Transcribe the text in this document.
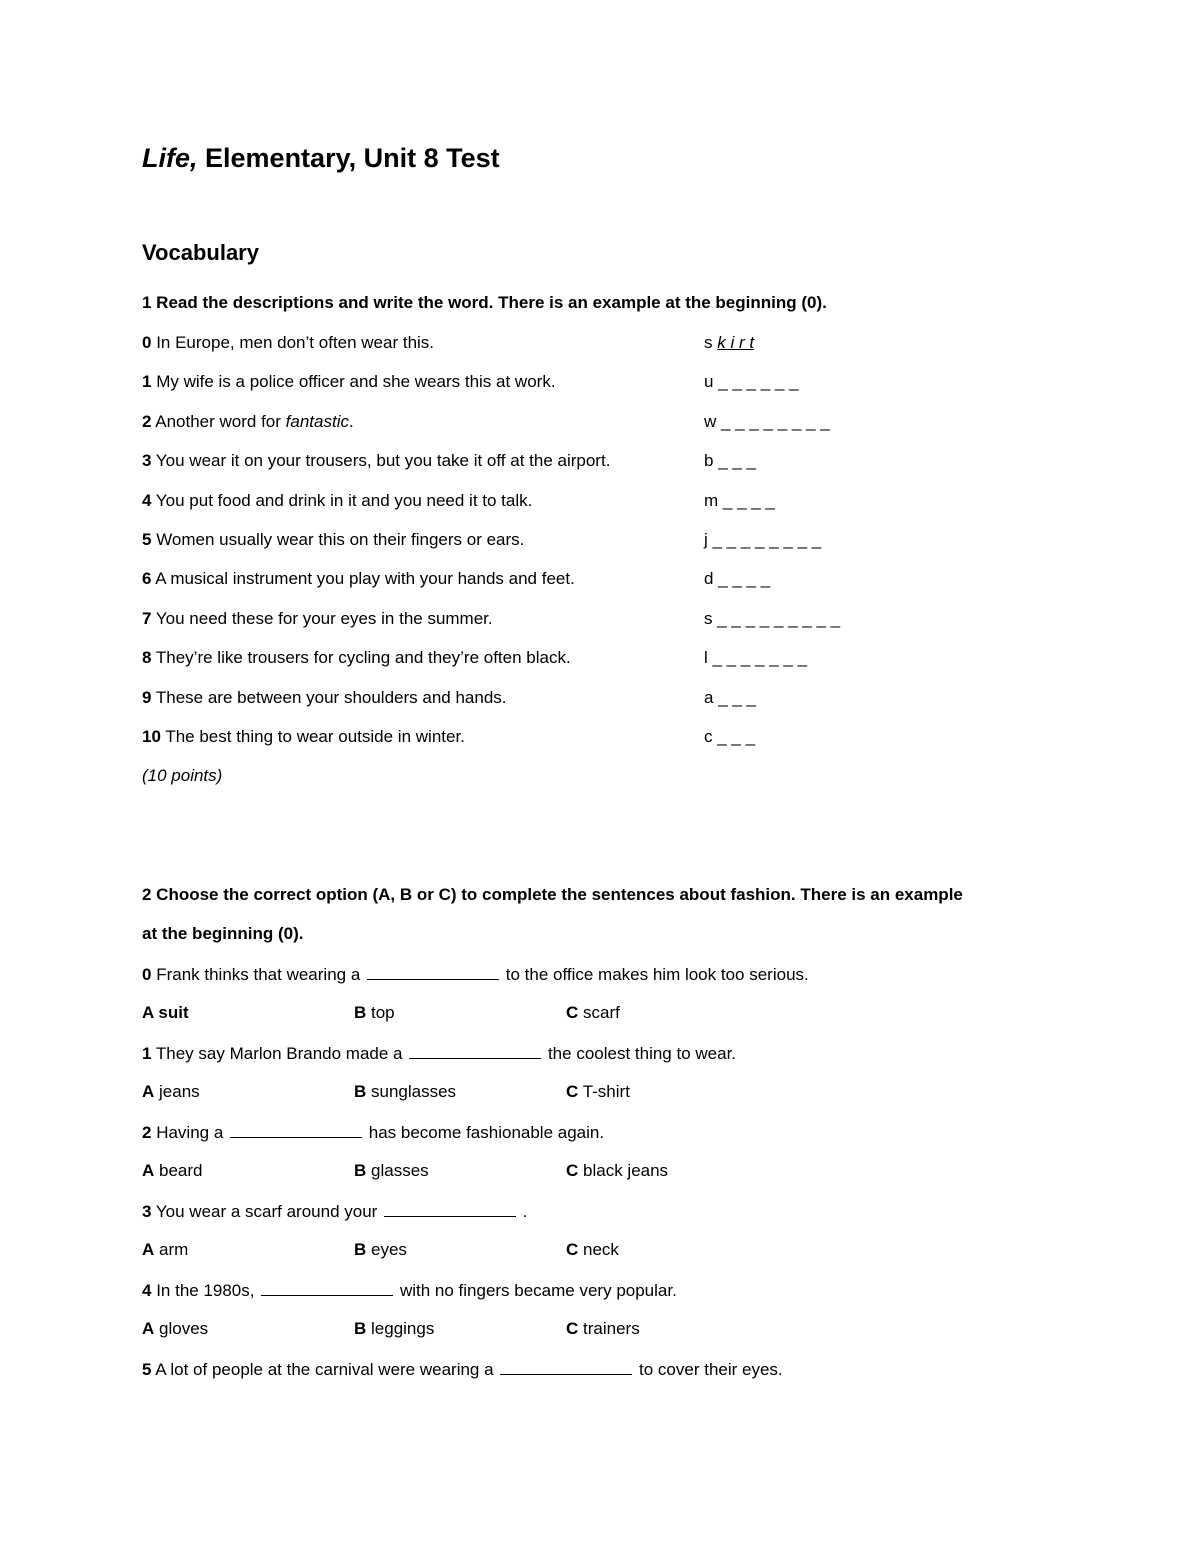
Life, Elementary, Unit 8 Test
Vocabulary
1 Read the descriptions and write the word. There is an example at the beginning (0).
0 In Europe, men don’t often wear this.	s k i r t
1 My wife is a police officer and she wears this at work.	u _ _ _ _ _ _
2 Another word for fantastic.	w _ _ _ _ _ _ _ _
3 You wear it on your trousers, but you take it off at the airport.	b _ _ _
4 You put food and drink in it and you need it to talk.	m _ _ _ _
5 Women usually wear this on their fingers or ears.	j _ _ _ _ _ _ _ _
6 A musical instrument you play with your hands and feet.	d _ _ _ _
7 You need these for your eyes in the summer.	s _ _ _ _ _ _ _ _ _
8 They’re like trousers for cycling and they’re often black.	l _ _ _ _ _ _ _
9 These are between your shoulders and hands.	a _ _ _
10 The best thing to wear outside in winter.	c _ _ _
(10 points)
2 Choose the correct option (A, B or C) to complete the sentences about fashion. There is an example
at the beginning (0).
0 Frank thinks that wearing a	to the office makes him look too serious.
A suit	B top	C scarf
1 They say Marlon Brando made a	the coolest thing to wear.
A jeans	B sunglasses	C T-shirt
2 Having a	has become fashionable again.
A beard	B glasses	C black jeans
3 You wear a scarf around your	.
A arm	B eyes	C neck
4 In the 1980s,	with no fingers became very popular.
A gloves	B leggings	C trainers
5 A lot of people at the carnival were wearing a	to cover their eyes.
